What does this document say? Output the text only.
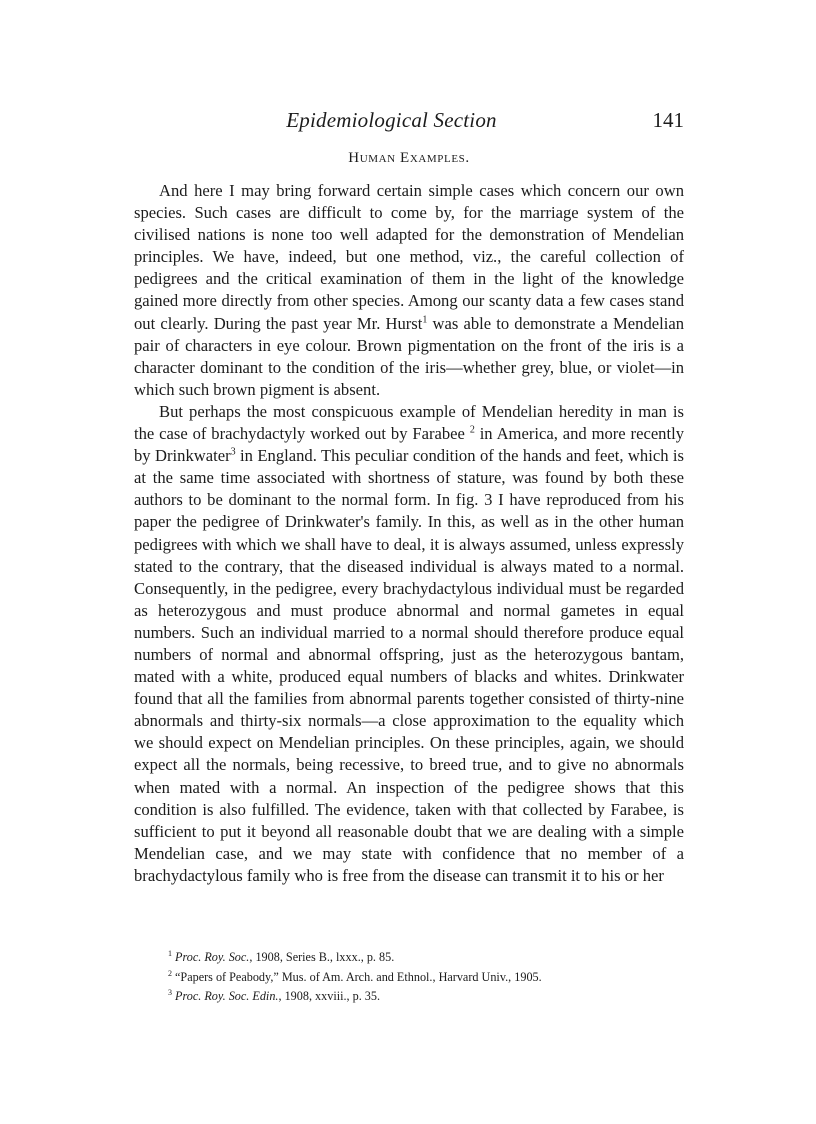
Epidemiological Section	141
Human Examples.

And here I may bring forward certain simple cases which concern our own species. Such cases are difficult to come by, for the marriage system of the civilised nations is none too well adapted for the demonstration of Mendelian principles. We have, indeed, but one method, viz., the careful collection of pedigrees and the critical examination of them in the light of the knowledge gained more directly from other species. Among our scanty data a few cases stand out clearly. During the past year Mr. Hurst$^1$ was able to demonstrate a Mendelian pair of characters in eye colour. Brown pigmentation on the front of the iris is a character dominant to the condition of the iris—whether grey, blue, or violet—in which such brown pigment is absent.

But perhaps the most conspicuous example of Mendelian heredity in man is the case of brachydactyly worked out by Farabee $^2$ in America, and more recently by Drinkwater$^3$ in England. This peculiar condition of the hands and feet, which is at the same time associated with shortness of stature, was found by both these authors to be dominant to the normal form. In fig. 3 I have reproduced from his paper the pedigree of Drinkwater's family. In this, as well as in the other human pedigrees with which we shall have to deal, it is always assumed, unless expressly stated to the contrary, that the diseased individual is always mated to a normal. Consequently, in the pedigree, every brachydactylous individual must be regarded as heterozygous and must produce abnormal and normal gametes in equal numbers. Such an individual married to a normal should therefore produce equal numbers of normal and abnormal offspring, just as the heterozygous bantam, mated with a white, produced equal numbers of blacks and whites. Drinkwater found that all the families from abnormal parents together consisted of thirty-nine abnormals and thirty-six normals—a close approximation to the equality which we should expect on Mendelian principles. On these principles, again, we should expect all the normals, being recessive, to breed true, and to give no abnormals when mated with a normal. An inspection of the pedigree shows that this condition is also fulfilled. The evidence, taken with that collected by Farabee, is sufficient to put it beyond all reasonable doubt that we are dealing with a simple Mendelian case, and we may state with confidence that no member of a brachydactylous family who is free from the disease can transmit it to his or her

$^1$ Proc. Roy. Soc., 1908, Series B., lxxx., p. 85.
$^2$ “Papers of Peabody,” Mus. of Am. Arch. and Ethnol., Harvard Univ., 1905.
$^3$ Proc. Roy. Soc. Edin., 1908, xxviii., p. 35.
